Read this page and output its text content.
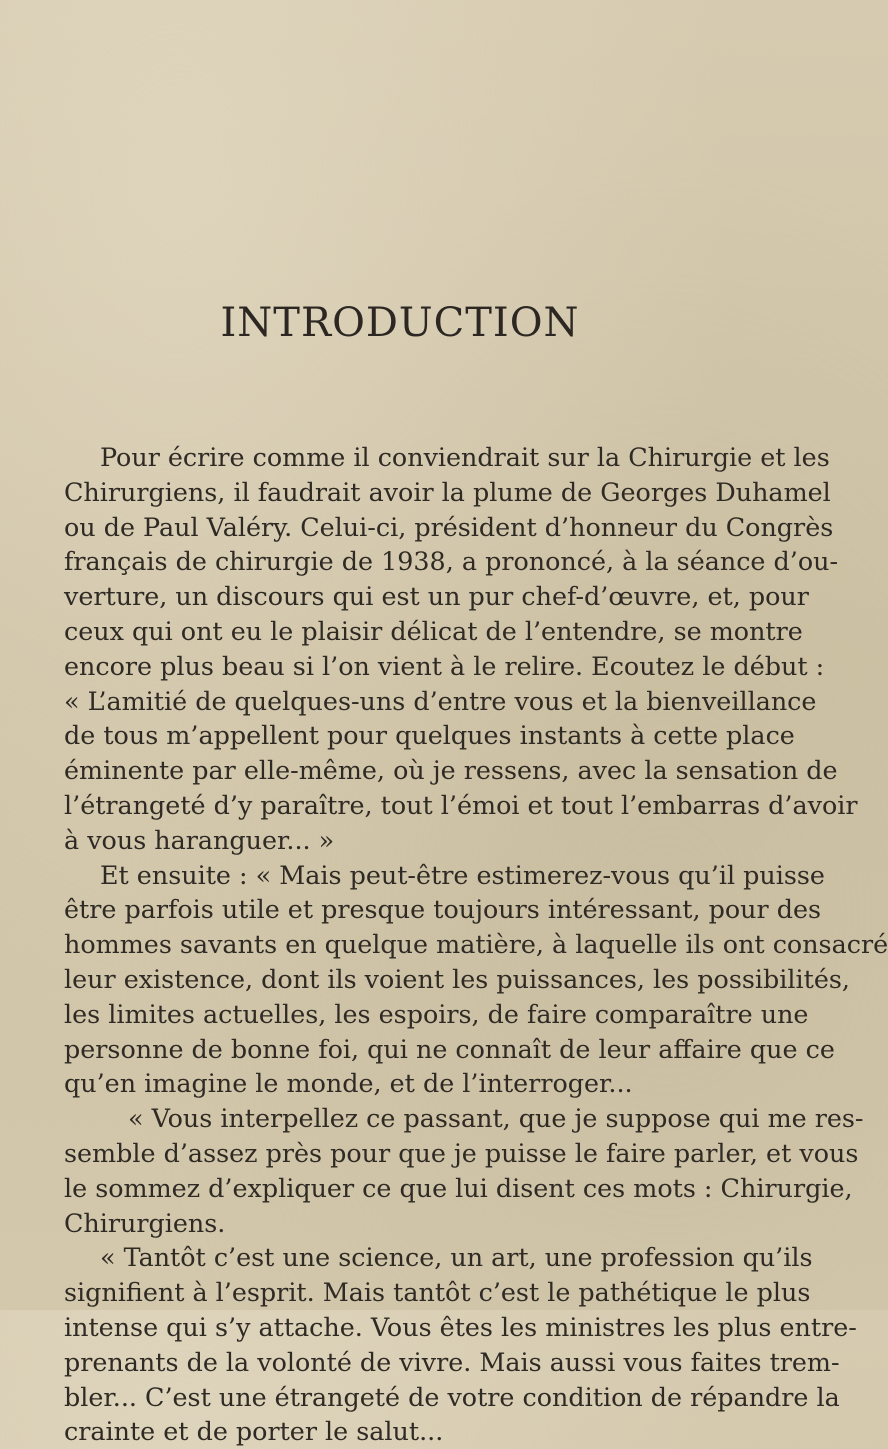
INTRODUCTION
Pour écrire comme il conviendrait sur la Chirurgie et les
Chirurgiens, il faudrait avoir la plume de Georges Duhamel
ou de Paul Valéry. Celui-ci, président d’honneur du Congrès
français de chirurgie de 1938, a prononcé, à la séance d’ou-
verture, un discours qui est un pur chef-d’œuvre, et, pour
ceux qui ont eu le plaisir délicat de l’entendre, se montre
encore plus beau si l’on vient à le relire. Ecoutez le début :
« L’amitié de quelques-uns d’entre vous et la bienveillance
de tous m’appellent pour quelques instants à cette place
éminente par elle-même, où je ressens, avec la sensation de
l’étrangeté d’y paraître, tout l’émoi et tout l’embarras d’avoir
à vous haranguer... »
Et ensuite : « Mais peut-être estimerez-vous qu’il puisse
être parfois utile et presque toujours intéressant, pour des
hommes savants en quelque matière, à laquelle ils ont consacré
leur existence, dont ils voient les puissances, les possibilités,
les limites actuelles, les espoirs, de faire comparaître une
personne de bonne foi, qui ne connaît de leur affaire que ce
qu’en imagine le monde, et de l’interroger...
« Vous interpellez ce passant, que je suppose qui me res-
semble d’assez près pour que je puisse le faire parler, et vous
le sommez d’expliquer ce que lui disent ces mots : Chirurgie,
Chirurgiens.
« Tantôt c’est une science, un art, une profession qu’ils
signifient à l’esprit. Mais tantôt c’est le pathétique le plus
intense qui s’y attache. Vous êtes les ministres les plus entre-
prenants de la volonté de vivre. Mais aussi vous faites trem-
bler... C’est une étrangeté de votre condition de répandre la
crainte et de porter le salut...
